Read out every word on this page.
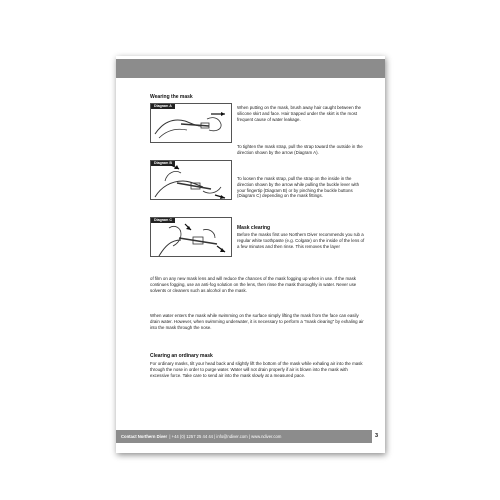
Wearing the mask
Diagram A
Diagram B
Diagram C
When putting on the mask, brush away hair caught between the silicone skirt and face. Hair trapped under the skirt is the most frequent cause of water leakage.
To tighten the mask strap, pull the strap toward the outside in the direction shown by the arrow (Diagram A).
To loosen the mask strap, pull the strap on the inside in the direction shown by the arrow while pulling the buckle lever with your fingertip (Diagram B) or by pinching the buckle buttons (Diagram C) depending on the mask fittings.
Mask clearing
Before the masks first use Northern Diver recommends you rub a regular white toothpaste (e.g. Colgate) on the inside of the lens of a few minutes and then rinse. This removes the layer
of film on any new mask lens and will reduce the chances of the mask fogging up when in use. If the mask continues fogging, use an anti-fog solution on the lens, then rinse the mask thoroughly in water. Never use solvents or cleaners such as alcohol on the mask.
When water enters the mask while swimming on the surface simply lifting the mask from the face can easily drain water. However, when swimming underwater, it is necessary to perform a "mask clearing" by exhaling air into the mask through the nose.
Clearing an ordinary mask
For ordinary masks, tilt your head back and slightly lift the bottom of the mask while exhaling air into the mask through the nose in order to purge water. Water will not drain properly if air is blown into the mask with excessive force. Take care to send air into the mask slowly at a measured pace.
Contact Northern Diver | +44 (0) 1257 25 44 44 | info@ndiver.com | www.ndiver.com	3
